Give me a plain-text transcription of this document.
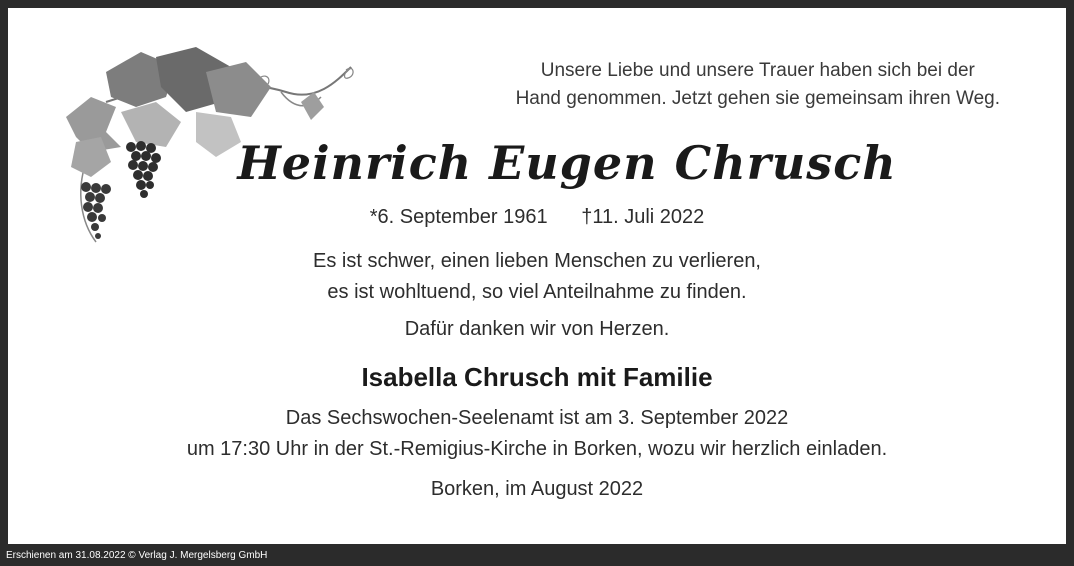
Unsere Liebe und unsere Trauer haben sich bei der
Hand genommen. Jetzt gehen sie gemeinsam ihren Weg.
Heinrich Eugen Chrusch
*6. September 1961 †11. Juli 2022
Es ist schwer, einen lieben Menschen zu verlieren,
es ist wohltuend, so viel Anteilnahme zu finden.
Dafür danken wir von Herzen.
Isabella Chrusch mit Familie
Das Sechswochen-Seelenamt ist am 3. September 2022
um 17:30 Uhr in der St.-Remigius-Kirche in Borken, wozu wir herzlich einladen.
Borken, im August 2022
Erschienen am 31.08.2022 © Verlag J. Mergelsberg GmbH
